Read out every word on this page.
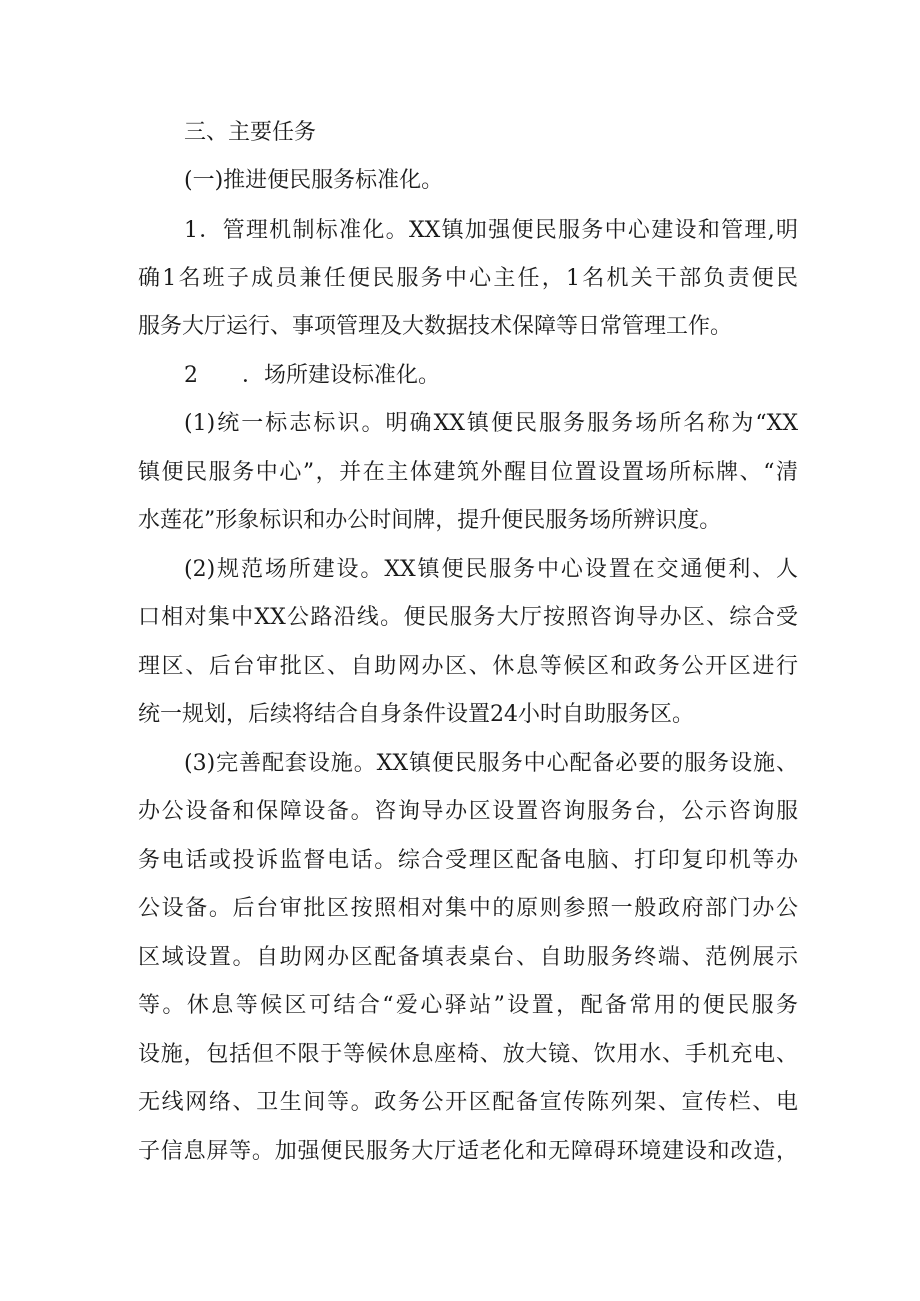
三、主要任务
(一)推进便民服务标准化。
1．管理机制标准化。XX镇加强便民服务中心建设和管理,明
确1名班子成员兼任便民服务中心主任，1名机关干部负责便民
服务大厅运行、事项管理及大数据技术保障等日常管理工作。
2　　．场所建设标准化。
(1)统一标志标识。明确XX镇便民服务服务场所名称为“XX
镇便民服务中心”，并在主体建筑外醒目位置设置场所标牌、“清
水莲花”形象标识和办公时间牌，提升便民服务场所辨识度。
(2)规范场所建设。XX镇便民服务中心设置在交通便利、人
口相对集中XX公路沿线。便民服务大厅按照咨询导办区、综合受
理区、后台审批区、自助网办区、休息等候区和政务公开区进行
统一规划，后续将结合自身条件设置24小时自助服务区。
(3)完善配套设施。XX镇便民服务中心配备必要的服务设施、
办公设备和保障设备。咨询导办区设置咨询服务台，公示咨询服
务电话或投诉监督电话。综合受理区配备电脑、打印复印机等办
公设备。后台审批区按照相对集中的原则参照一般政府部门办公
区域设置。自助网办区配备填表桌台、自助服务终端、范例展示
等。休息等候区可结合“爱心驿站”设置，配备常用的便民服务
设施，包括但不限于等候休息座椅、放大镜、饮用水、手机充电、
无线网络、卫生间等。政务公开区配备宣传陈列架、宣传栏、电
子信息屏等。加强便民服务大厅适老化和无障碍环境建设和改造，
